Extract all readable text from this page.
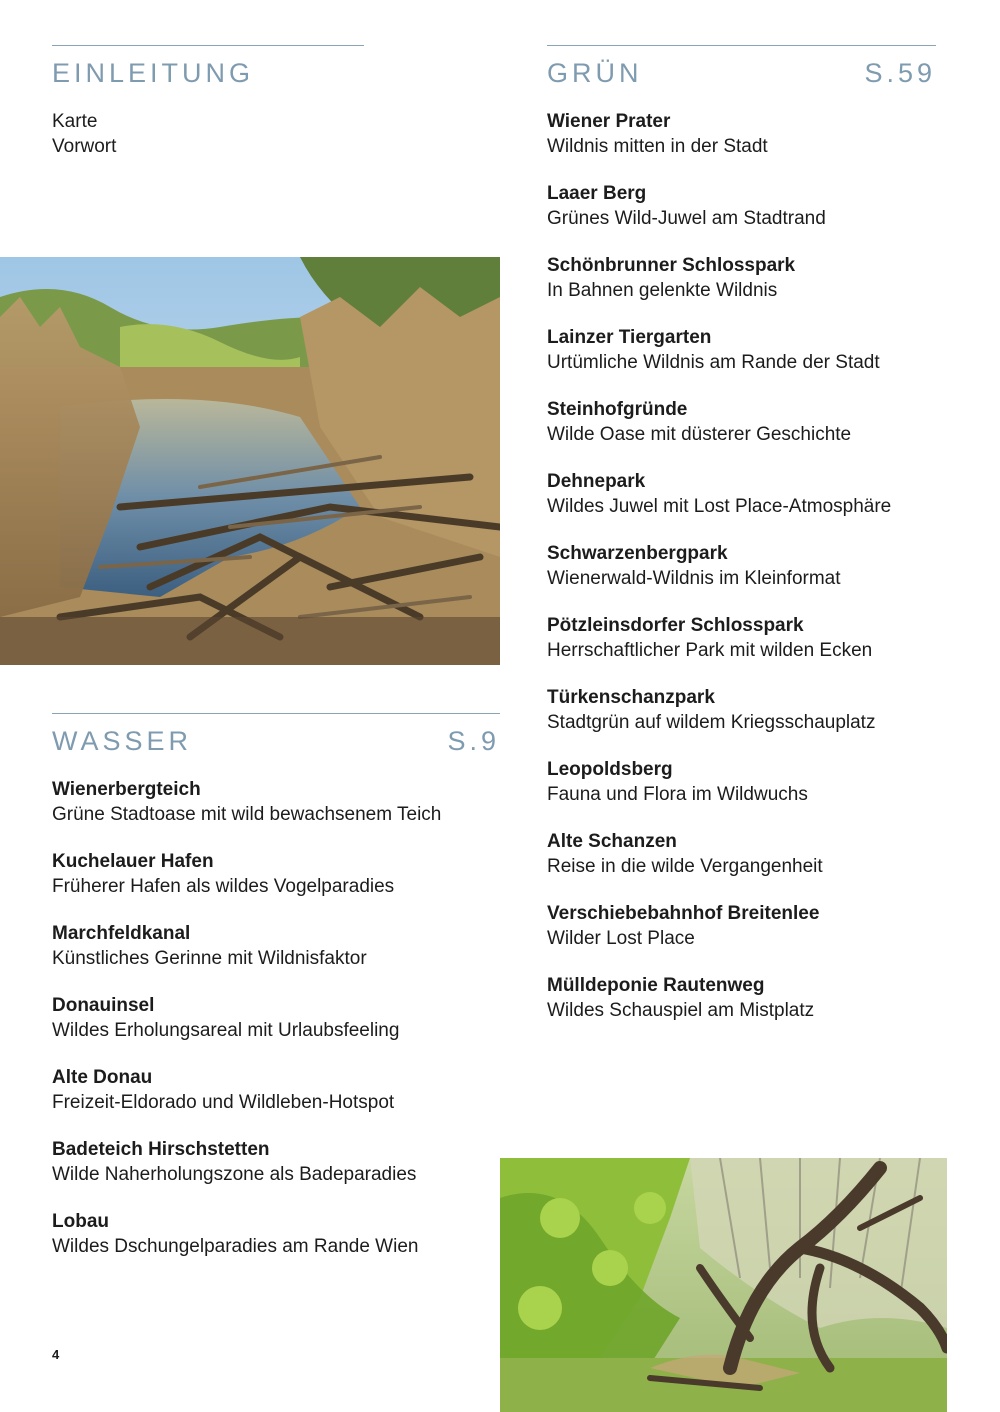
EINLEITUNG
Karte
Vorwort
WASSER	S.9
Wienerbergteich
Grüne Stadtoase mit wild bewachsenem Teich
Kuchelauer Hafen
Früherer Hafen als wildes Vogelparadies
Marchfeldkanal
Künstliches Gerinne mit Wildnisfaktor
Donauinsel
Wildes Erholungsareal mit Urlaubsfeeling
Alte Donau
Freizeit-Eldorado und Wildleben-Hotspot
Badeteich Hirschstetten
Wilde Naherholungszone als Badeparadies
Lobau
Wildes Dschungelparadies am Rande Wien
GRÜN	S.59
Wiener Prater
Wildnis mitten in der Stadt
Laaer Berg
Grünes Wild-Juwel am Stadtrand
Schönbrunner Schlosspark
In Bahnen gelenkte Wildnis
Lainzer Tiergarten
Urtümliche Wildnis am Rande der Stadt
Steinhofgründe
Wilde Oase mit düsterer Geschichte
Dehnepark
Wildes Juwel mit Lost Place-Atmosphäre
Schwarzenbergpark
Wienerwald-Wildnis im Kleinformat
Pötzleinsdorfer Schlosspark
Herrschaftlicher Park mit wilden Ecken
Türkenschanzpark
Stadtgrün auf wildem Kriegsschauplatz
Leopoldsberg
Fauna und Flora im Wildwuchs
Alte Schanzen
Reise in die wilde Vergangenheit
Verschiebebahnhof Breitenlee
Wilder Lost Place
Mülldeponie Rautenweg
Wildes Schauspiel am Mistplatz
4
